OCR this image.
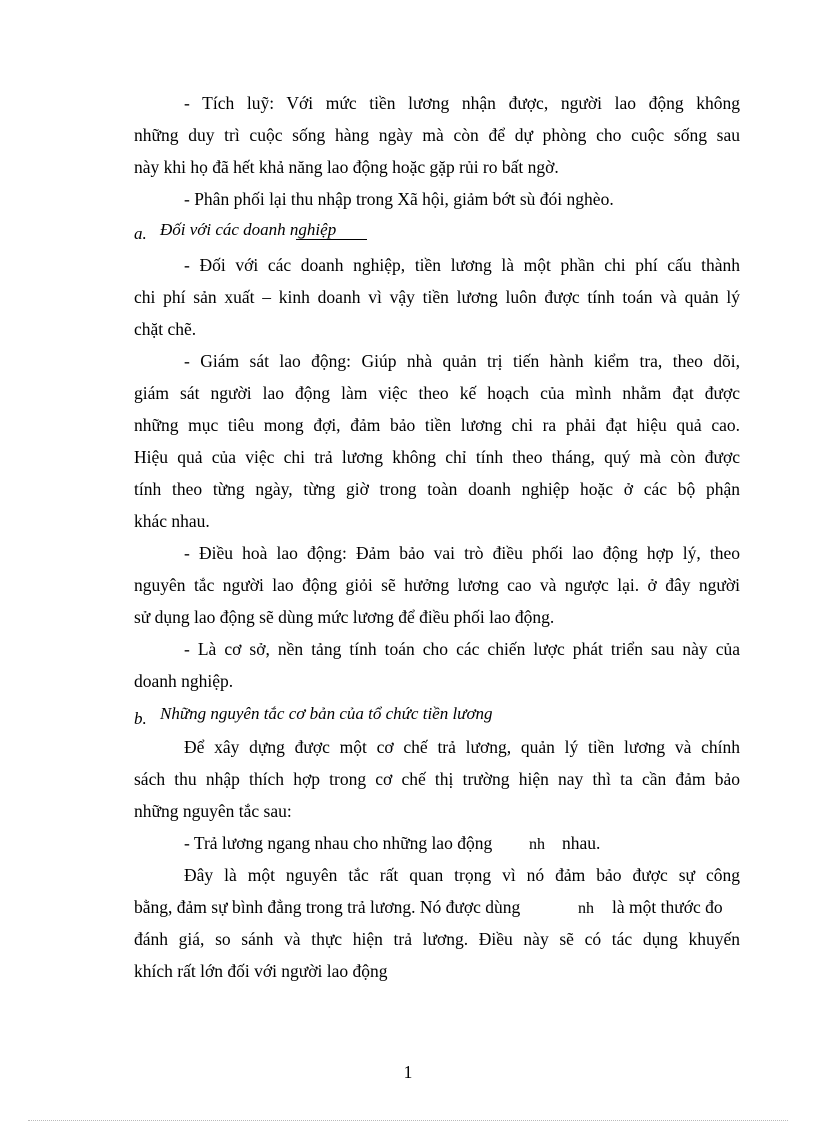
- Tích luỹ: Với mức tiền lương nhận được, người lao động không
những duy trì cuộc sống hàng ngày mà còn để dự phòng cho cuộc sống sau
này khi họ đã hết khả năng lao động hoặc gặp rủi ro bất ngờ.
- Phân phối lại thu nhập trong Xã hội, giảm bớt sù đói nghèo.
a. Đối với các doanh nghiệp
- Đối với các doanh nghiệp, tiền lương là một phần chi phí cấu thành
chi phí sản xuất – kinh doanh vì vậy tiền lương luôn được tính toán và quản lý
chặt chẽ.
- Giám sát lao động: Giúp nhà quản trị tiến hành kiểm tra, theo dõi,
giám sát người lao động làm việc theo kế hoạch của mình nhằm đạt được
những mục tiêu mong đợi, đảm bảo tiền lương chi ra phải đạt hiệu quả cao.
Hiệu quả của việc chi trả lương không chỉ tính theo tháng, quý mà còn được
tính theo từng ngày, từng giờ trong toàn doanh nghiệp hoặc ở các bộ phận
khác nhau.
- Điều hoà lao động: Đảm bảo vai trò điều phối lao động hợp lý, theo
nguyên tắc người lao động giỏi sẽ hưởng lương cao và ngược lại. ở đây người
sử dụng lao động sẽ dùng mức lương để điều phối lao động.
- Là cơ sở, nền tảng tính toán cho các chiến lược phát triển sau này của
doanh nghiệp.
b. Những nguyên tắc cơ bản của tổ chức tiền lương
Để xây dựng được một cơ chế trả lương, quản lý tiền lương và chính
sách thu nhập thích hợp trong cơ chế thị trường hiện nay thì ta cần đảm bảo
những nguyên tắc sau:
- Trả lương ngang nhau cho những lao động nh nhau.
Đây là một nguyên tắc rất quan trọng vì nó đảm bảo được sự công
bằng, đảm sự bình đẳng trong trả lương. Nó được dùng	nh là một thước đo
đánh giá, so sánh và thực hiện trả lương. Điều này sẽ có tác dụng khuyến
khích rất lớn đối với người lao động
1
